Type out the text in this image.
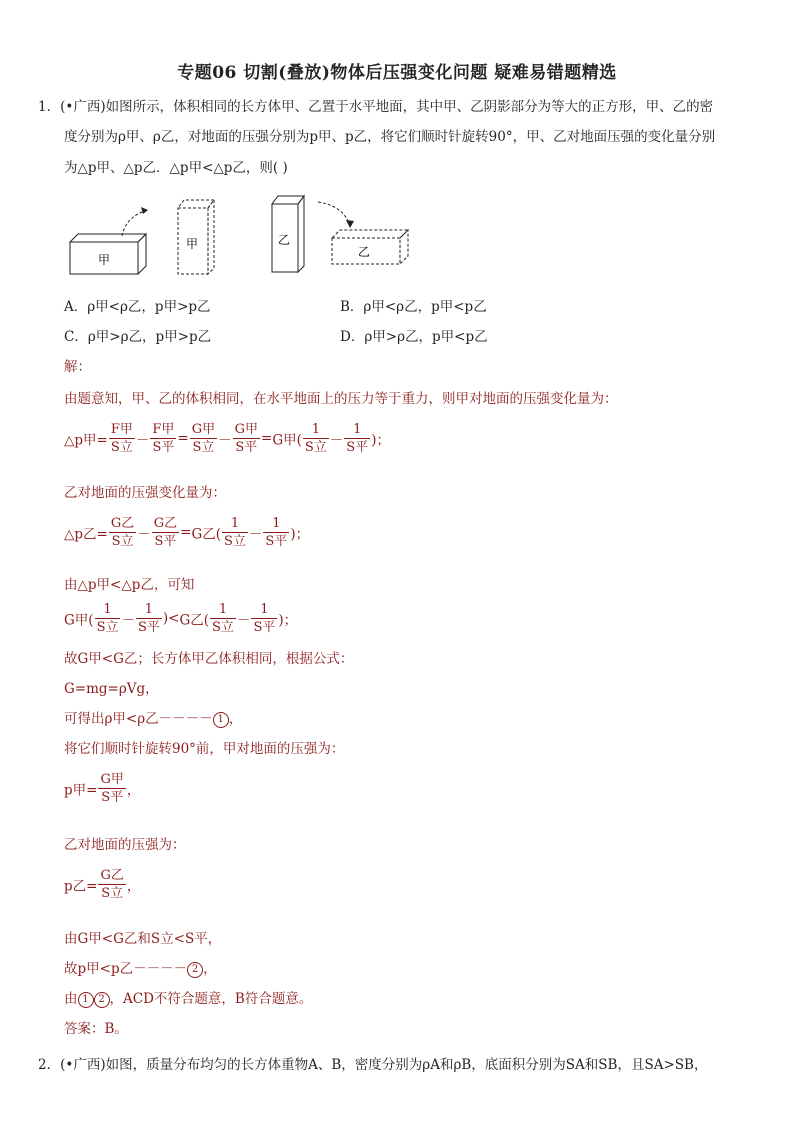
专题06 切割(叠放)物体后压强变化问题 疑难易错题精选
1．(•广西)如图所示，体积相同的长方体甲、乙置于水平地面，其中甲、乙阴影部分为等大的正方形，甲、乙的密
度分别为ρ甲、ρ乙，对地面的压强分别为p甲、p乙，将它们顺时针旋转90°，甲、乙对地面压强的变化量分别
为△p甲、△p乙．△p甲<△p乙，则( )
甲
甲	乙
乙
A．ρ甲<ρ乙，p甲>p乙	B．ρ甲<ρ乙，p甲<p乙
C．ρ甲>ρ乙，p甲>p乙	D．ρ甲>ρ乙，p甲<p乙
解：
由题意知，甲、乙的体积相同，在水平地面上的压力等于重力，则甲对地面的压强变化量为：
△p甲= $\frac{\text{F甲}}{\text{S立}} - \frac{\text{F甲}}{\text{S平}} = \frac{\text{G甲}}{\text{S立}} - \frac{\text{G甲}}{\text{S平}} =G$甲( $\frac{1}{\text{S立}} - \frac{1}{\text{S平}}$ )；
乙对地面的压强变化量为：
△p乙= $\frac{\text{G乙}}{\text{S立}} - \frac{\text{G乙}}{\text{S平}} =G$乙( $\frac{1}{\text{S立}} - \frac{1}{\text{S平}}$ )；
由△p甲<△p乙，可知
G甲( $\frac{1}{\text{S立}} - \frac{1}{\text{S平}} )<G$乙( $\frac{1}{\text{S立}} - \frac{1}{\text{S平}}$ )；
故G甲<G乙；长方体甲乙体积相同，根据公式：
G=mg=ρVg，
可得出ρ甲<ρ乙－－－－ 1 ，
将它们顺时针旋转90°前，甲对地面的压强为：
p甲= $\frac{\text{G甲}}{\text{S平}}$ ，
乙对地面的压强为：
p乙= $\frac{\text{G乙}}{\text{S立}}$ ，
由G甲<G乙和S立<S平，
故p甲<p乙－－－－ 2 ，
由 1 2 ，ACD不符合题意，B符合题意。
答案：B。
2．(•广西)如图，质量分布均匀的长方体重物A、B，密度分别为ρA和ρB，底面积分别为SA和SB，且SA>SB，
